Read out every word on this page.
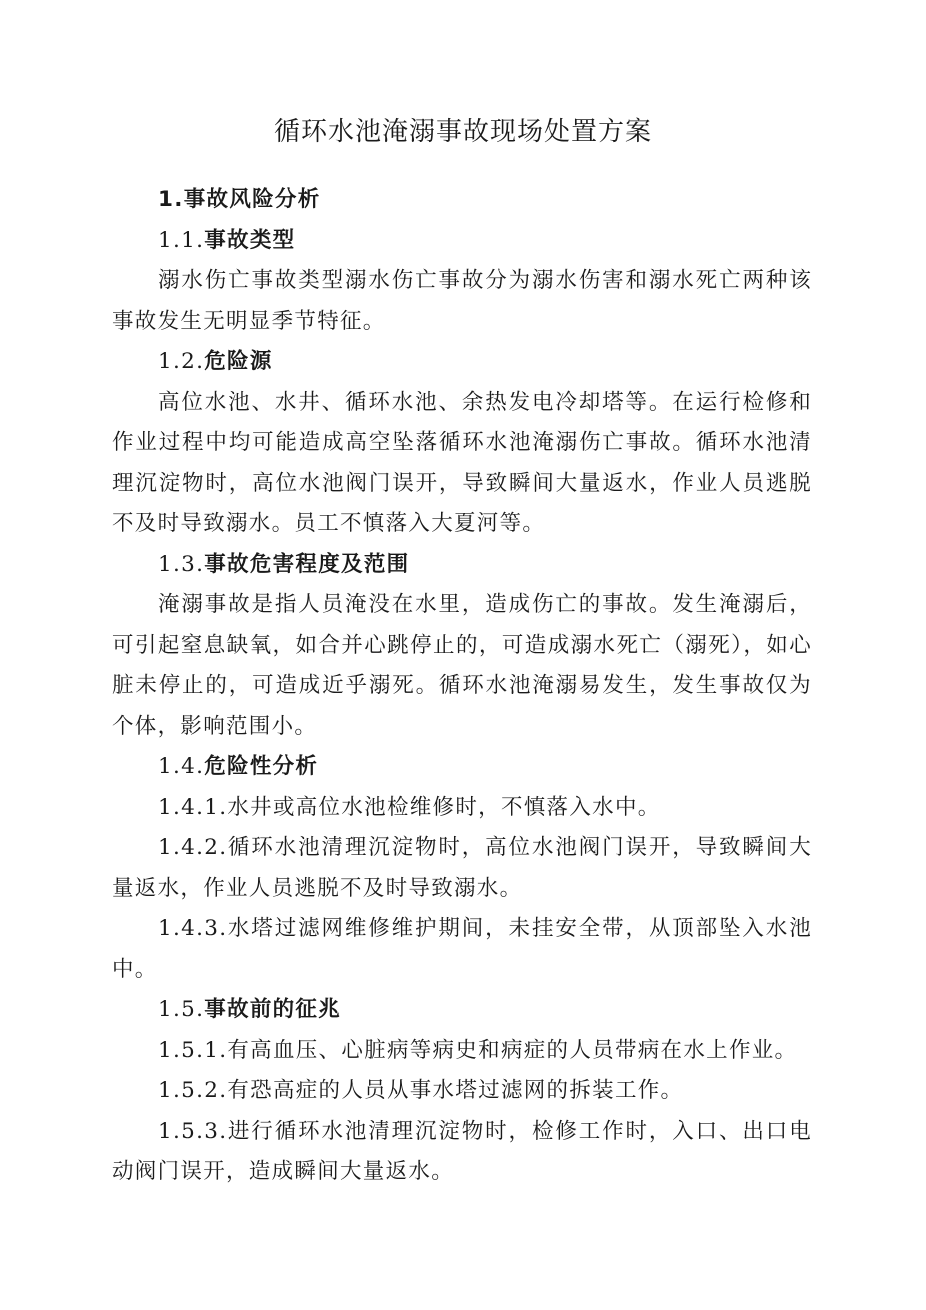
循环水池淹溺事故现场处置方案

1.事故风险分析

1.1.事故类型

溺水伤亡事故类型溺水伤亡事故分为溺水伤害和溺水死亡两种该事故发生无明显季节特征。

1.2.危险源

高位水池、水井、循环水池、余热发电冷却塔等。在运行检修和作业过程中均可能造成高空坠落循环水池淹溺伤亡事故。循环水池清理沉淀物时，高位水池阀门误开，导致瞬间大量返水，作业人员逃脱不及时导致溺水。员工不慎落入大夏河等。

1.3.事故危害程度及范围

淹溺事故是指人员淹没在水里，造成伤亡的事故。发生淹溺后，可引起窒息缺氧，如合并心跳停止的，可造成溺水死亡（溺死），如心脏未停止的，可造成近乎溺死。循环水池淹溺易发生，发生事故仅为个体，影响范围小。

1.4.危险性分析

1.4.1.水井或高位水池检维修时，不慎落入水中。

1.4.2.循环水池清理沉淀物时，高位水池阀门误开，导致瞬间大量返水，作业人员逃脱不及时导致溺水。

1.4.3.水塔过滤网维修维护期间，未挂安全带，从顶部坠入水池中。

1.5.事故前的征兆

1.5.1.有高血压、心脏病等病史和病症的人员带病在水上作业。

1.5.2.有恐高症的人员从事水塔过滤网的拆装工作。

1.5.3.进行循环水池清理沉淀物时，检修工作时，入口、出口电动阀门误开，造成瞬间大量返水。
